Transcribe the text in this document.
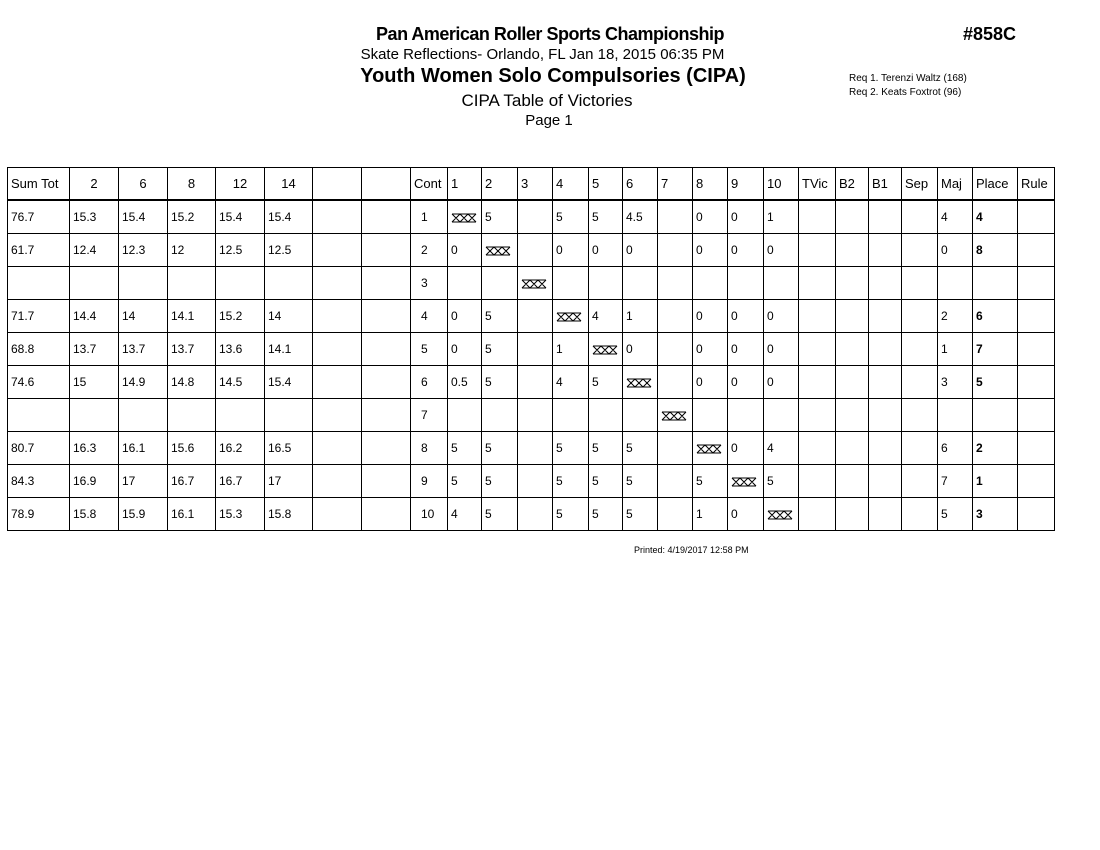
Pan American Roller Sports Championship	#858C
Skate Reflections- Orlando, FL Jan 18, 2015 06:35 PM
Youth Women Solo Compulsories (CIPA)
CIPA Table of Victories
Page 1
Req 1. Terenzi Waltz (168)
Req 2. Keats Foxtrot (96)
Sum Tot	2	6	8	12	14			Cont	1	2	3	4	5	6	7	8	9	10	TVic	B2	B1	Sep	Maj	Place	Rule
76.7	15.3	15.4	15.2	15.4	15.4			1		5		5	5	4.5		0	0	1					4	4	
61.7	12.4	12.3	12	12.5	12.5			2	0			0	0	0		0	0	0					0	8	
								3																	
71.7	14.4	14	14.1	15.2	14			4	0	5			4	1		0	0	0					2	6	
68.8	13.7	13.7	13.7	13.6	14.1			5	0	5		1		0		0	0	0					1	7	
74.6	15	14.9	14.8	14.5	15.4			6	0.5	5		4	5			0	0	0					3	5	
								7																	
80.7	16.3	16.1	15.6	16.2	16.5			8	5	5		5	5	5			0	4					6	2	
84.3	16.9	17	16.7	16.7	17			9	5	5		5	5	5		5		5					7	1	
78.9	15.8	15.9	16.1	15.3	15.8			10	4	5		5	5	5		1	0						5	3	
Printed: 4/19/2017 12:58 PM
